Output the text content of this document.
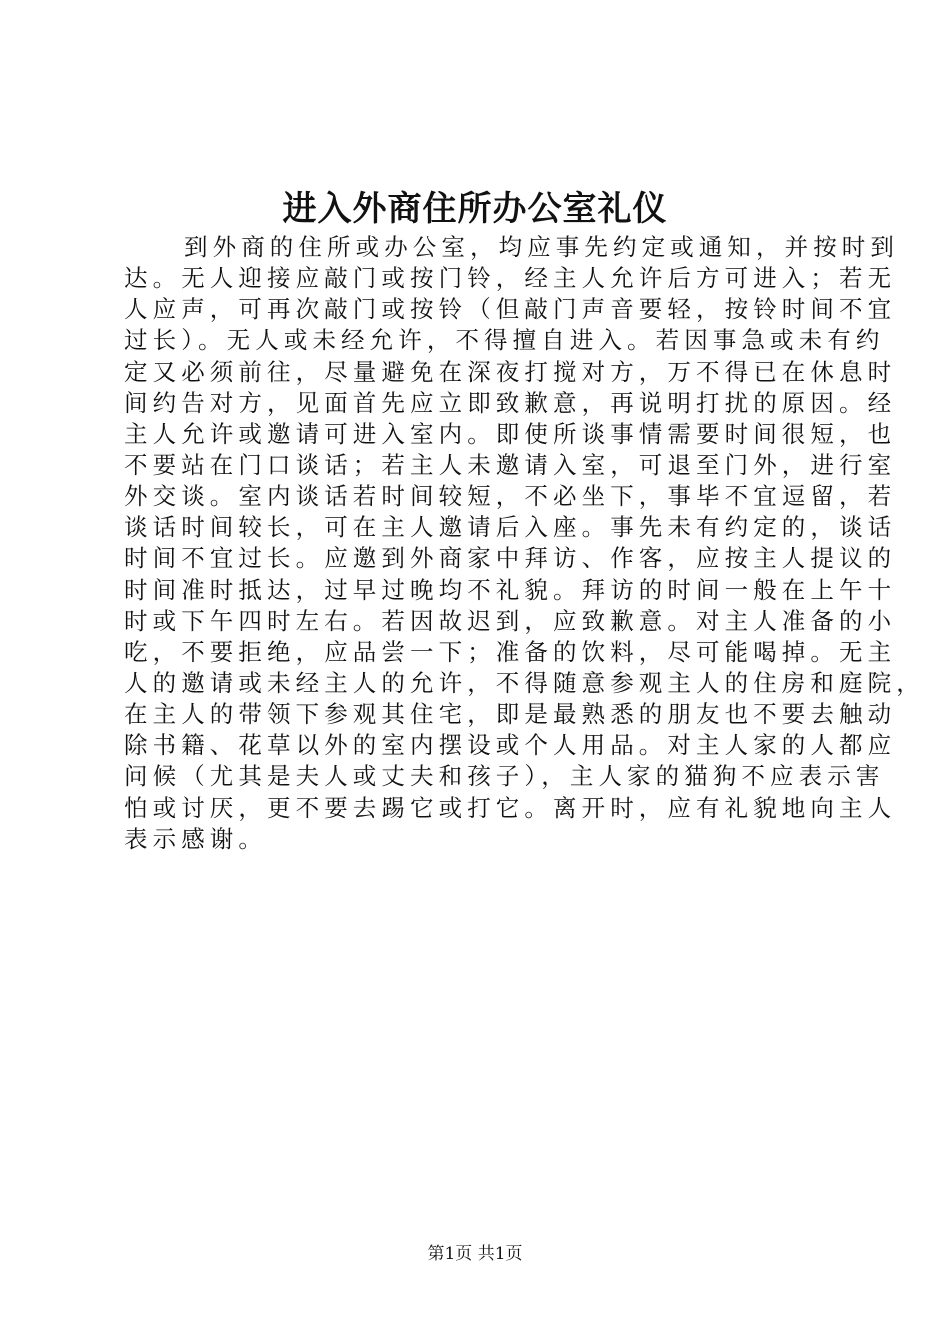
进入外商住所办公室礼仪
到外商的住所或办公室，均应事先约定或通知，并按时到
达。无人迎接应敲门或按门铃，经主人允许后方可进入；若无
人应声，可再次敲门或按铃（但敲门声音要轻，按铃时间不宜
过长）。无人或未经允许，不得擅自进入。若因事急或未有约
定又必须前往，尽量避免在深夜打搅对方，万不得已在休息时
间约告对方，见面首先应立即致歉意，再说明打扰的原因。经
主人允许或邀请可进入室内。即使所谈事情需要时间很短，也
不要站在门口谈话；若主人未邀请入室，可退至门外，进行室
外交谈。室内谈话若时间较短，不必坐下，事毕不宜逗留，若
谈话时间较长，可在主人邀请后入座。事先未有约定的，谈话
时间不宜过长。应邀到外商家中拜访、作客，应按主人提议的
时间准时抵达，过早过晚均不礼貌。拜访的时间一般在上午十
时或下午四时左右。若因故迟到，应致歉意。对主人准备的小
吃，不要拒绝，应品尝一下；准备的饮料，尽可能喝掉。无主
人的邀请或未经主人的允许，不得随意参观主人的住房和庭院，
在主人的带领下参观其住宅，即是最熟悉的朋友也不要去触动
除书籍、花草以外的室内摆设或个人用品。对主人家的人都应
问候（尤其是夫人或丈夫和孩子），主人家的猫狗不应表示害
怕或讨厌，更不要去踢它或打它。离开时，应有礼貌地向主人
表示感谢。
第1页 共1页
